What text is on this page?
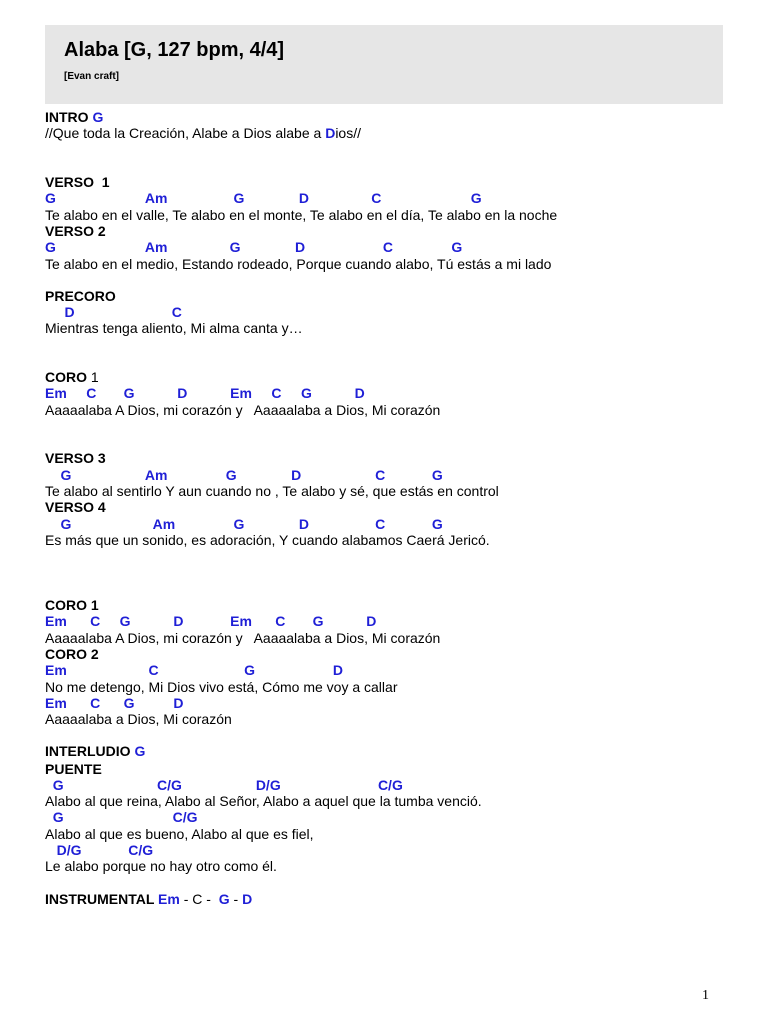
Alaba [G, 127 bpm, 4/4]
[Evan craft]
INTRO G
//Que toda la Creación, Alabe a Dios alabe a Dios//
VERSO  1
G                       Am                 G              D                C                       G
Te alabo en el valle, Te alabo en el monte, Te alabo en el día, Te alabo en la noche
VERSO 2
G                       Am                G              D                    C               G
Te alabo en el medio, Estando rodeado, Porque cuando alabo, Tú estás a mi lado
PRECORO
D                         C
Mientras tenga aliento, Mi alma canta y…
CORO 1
Em     C       G           D           Em     C     G           D
Aaaaalaba A Dios, mi corazón y   Aaaaalaba a Dios, Mi corazón
VERSO 3
G                   Am               G              D                   C            G
Te alabo al sentirlo Y aun cuando no , Te alabo y sé, que estás en control
VERSO 4
G                     Am               G              D                 C            G
Es más que un sonido, es adoración, Y cuando alabamos Caerá Jericó.
CORO 1
Em      C     G           D            Em      C       G           D
Aaaaalaba A Dios, mi corazón y   Aaaaalaba a Dios, Mi corazón
CORO 2
Em                     C                      G                    D
No me detengo, Mi Dios vivo está, Cómo me voy a callar
Em      C      G          D
Aaaaalaba a Dios, Mi corazón
INTERLUDIO G
PUENTE
G                        C/G                   D/G                         C/G
Alabo al que reina, Alabo al Señor, Alabo a aquel que la tumba venció.
G                            C/G
Alabo al que es bueno, Alabo al que es fiel,
D/G            C/G
Le alabo porque no hay otro como él.
INSTRUMENTAL Em - C -  G - D
1
